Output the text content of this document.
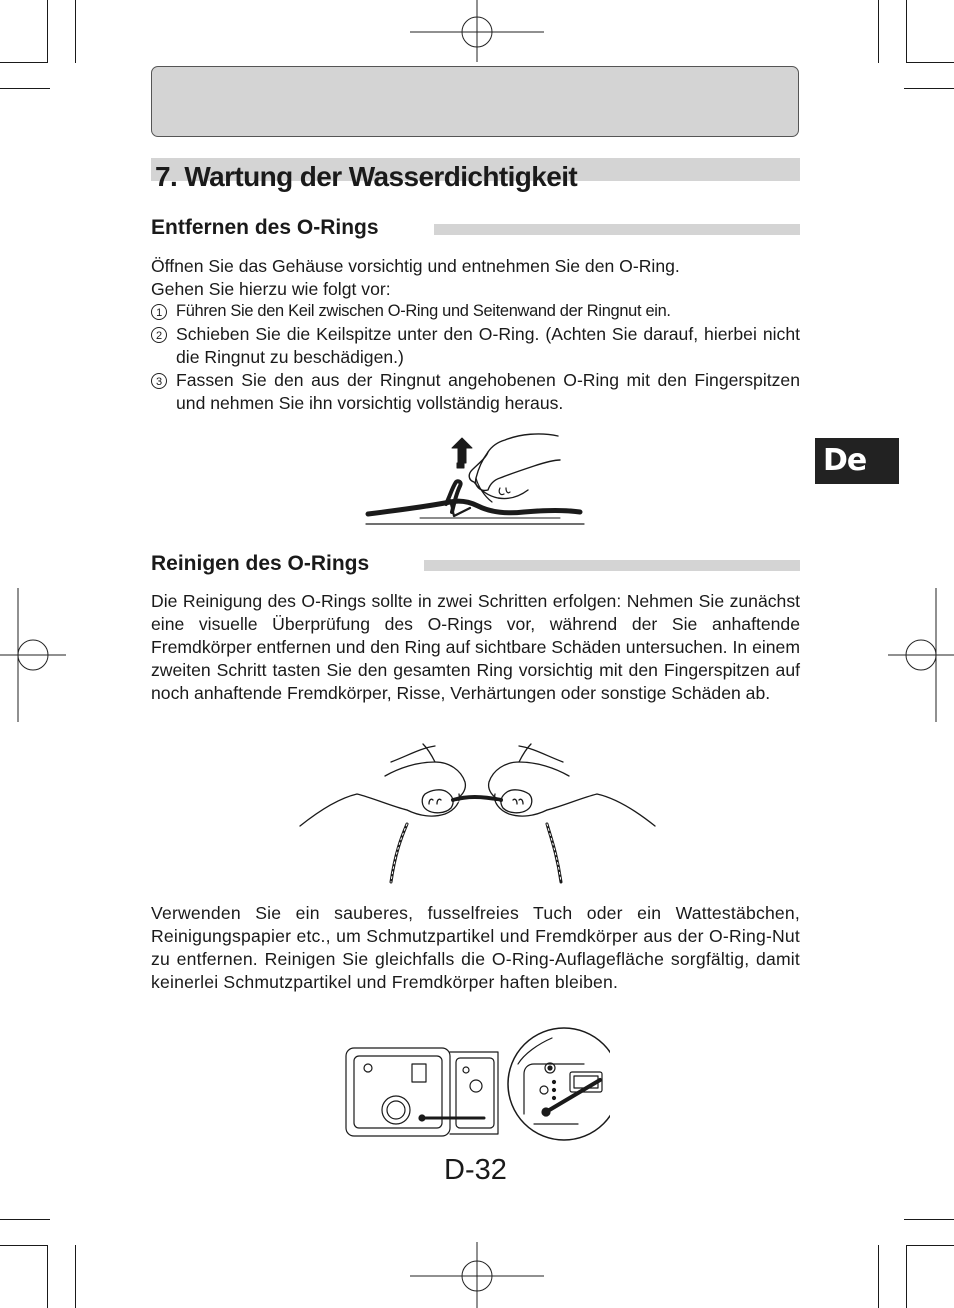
7. Wartung der Wasserdichtigkeit
De
Entfernen des O-Rings

Öffnen Sie das Gehäuse vorsichtig und entnehmen Sie den O-Ring.

Gehen Sie hierzu wie folgt vor:

1 Führen Sie den Keil zwischen O-Ring und Seitenwand der Ringnut ein.
2 Schieben Sie die Keilspitze unter den O-Ring. (Achten Sie darauf, hierbei nicht die Ringnut zu beschädigen.)
3 Fassen Sie den aus der Ringnut angehobenen O-Ring mit den Fingerspitzen und nehmen Sie ihn vorsichtig vollständig heraus.
Reinigen des O-Rings

Die Reinigung des O-Rings sollte in zwei Schritten erfolgen: Nehmen Sie zunächst eine visuelle Überprüfung des O-Rings vor, während der Sie anhaftende Fremdkörper entfernen und den Ring auf sichtbare Schäden untersuchen. In einem zweiten Schritt tasten Sie den gesamten Ring vorsichtig mit den Fingerspitzen auf noch anhaftende Fremdkörper, Risse, Verhärtungen oder sonstige Schäden ab.

Verwenden Sie ein sauberes, fusselfreies Tuch oder ein Wattestäbchen, Reinigungspapier etc., um Schmutzpartikel und Fremdkörper aus der O-Ring-Nut zu entfernen. Reinigen Sie gleichfalls die O-Ring-Auflagefläche sorgfältig, damit keinerlei Schmutzpartikel und Fremdkörper haften bleiben.

D-32
